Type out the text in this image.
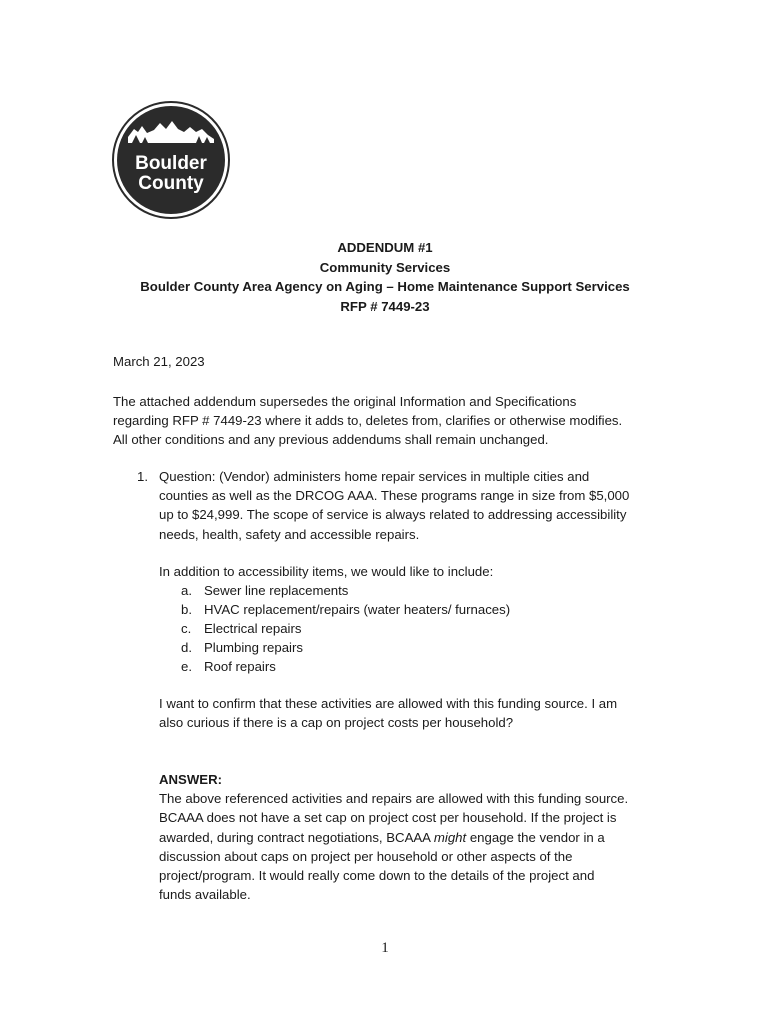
Boulder
County
ADDENDUM #1
Community Services
Boulder County Area Agency on Aging – Home Maintenance Support Services
RFP # 7449-23
March 21, 2023
The attached addendum supersedes the original Information and Specifications
regarding RFP # 7449-23 where it adds to, deletes from, clarifies or otherwise modifies.
All other conditions and any previous addendums shall remain unchanged.
1. Question: (Vendor) administers home repair services in multiple cities and
counties as well as the DRCOG AAA. These programs range in size from $5,000
up to $24,999. The scope of service is always related to addressing accessibility
needs, health, safety and accessible repairs.
In addition to accessibility items, we would like to include:
a. Sewer line replacements
b. HVAC replacement/repairs (water heaters/ furnaces)
c. Electrical repairs
d. Plumbing repairs
e. Roof repairs
I want to confirm that these activities are allowed with this funding source. I am
also curious if there is a cap on project costs per household?
ANSWER:
The above referenced activities and repairs are allowed with this funding source.
BCAAA does not have a set cap on project cost per household. If the project is
awarded, during contract negotiations, BCAAA might engage the vendor in a
discussion about caps on project per household or other aspects of the
project/program. It would really come down to the details of the project and
funds available.
1
